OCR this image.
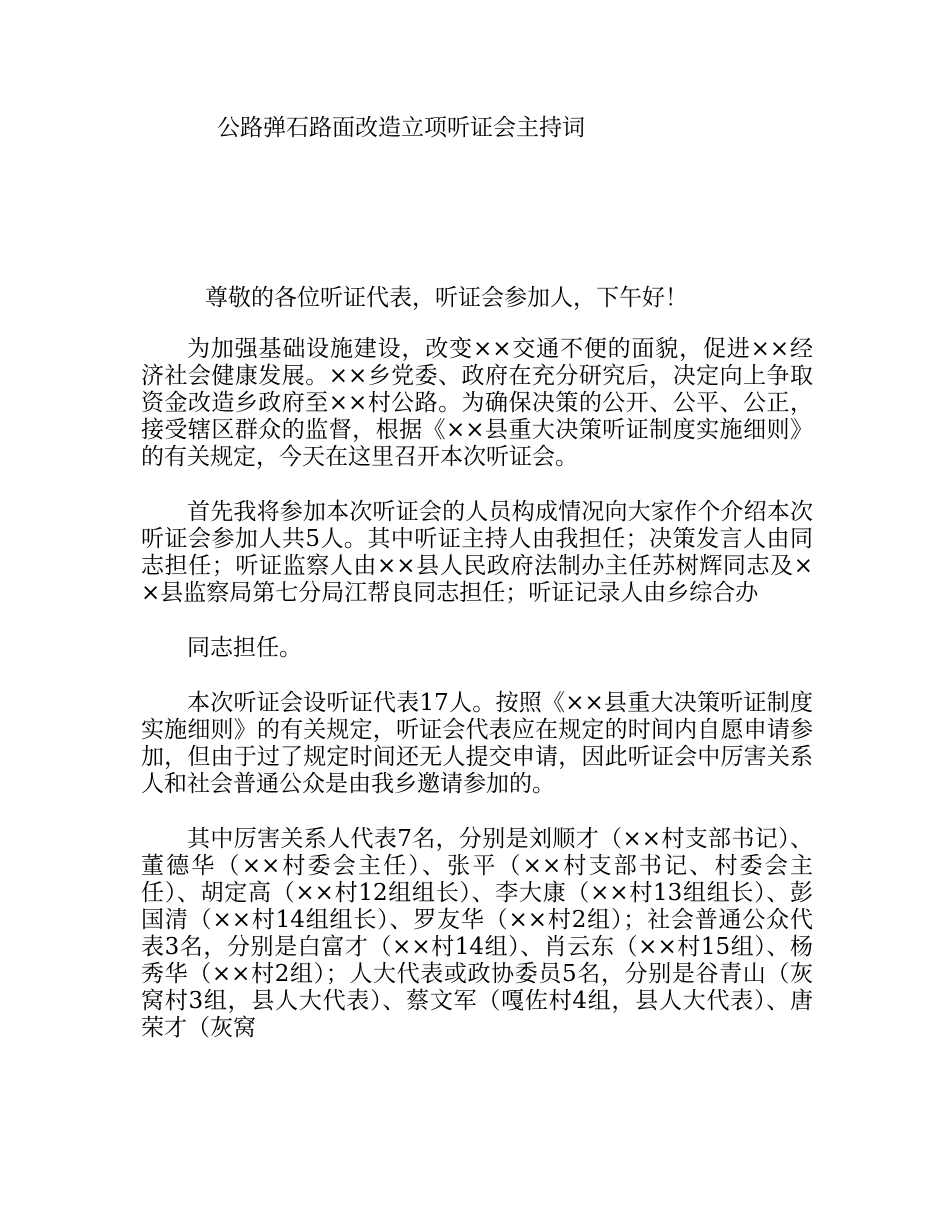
公路弹石路面改造立项听证会主持词

尊敬的各位听证代表，听证会参加人，下午好！

为加强基础设施建设，改变××交通不便的面貌，促进××经济社会健康发展。××乡党委、政府在充分研究后，决定向上争取资金改造乡政府至××村公路。为确保决策的公开、公平、公正，接受辖区群众的监督，根据《××县重大决策听证制度实施细则》的有关规定，今天在这里召开本次听证会。

首先我将参加本次听证会的人员构成情况向大家作个介绍本次听证会参加人共5人。其中听证主持人由我担任；决策发言人由同志担任；听证监察人由××县人民政府法制办主任苏树辉同志及××县监察局第七分局江帮良同志担任；听证记录人由乡综合办

同志担任。

本次听证会设听证代表17人。按照《××县重大决策听证制度实施细则》的有关规定，听证会代表应在规定的时间内自愿申请参加，但由于过了规定时间还无人提交申请，因此听证会中厉害关系人和社会普通公众是由我乡邀请参加的。

其中厉害关系人代表7名，分别是刘顺才（××村支部书记）、董德华（××村委会主任）、张平（××村支部书记、村委会主任）、胡定高（××村12组组长）、李大康（××村13组组长）、彭国清（××村14组组长）、罗友华（××村2组）；社会普通公众代表3名，分别是白富才（××村14组）、肖云东（××村15组）、杨秀华（××村2组）；人大代表或政协委员5名，分别是谷青山（灰窝村3组，县人大代表）、蔡文军（嘎佐村4组，县人大代表）、唐荣才（灰窝
